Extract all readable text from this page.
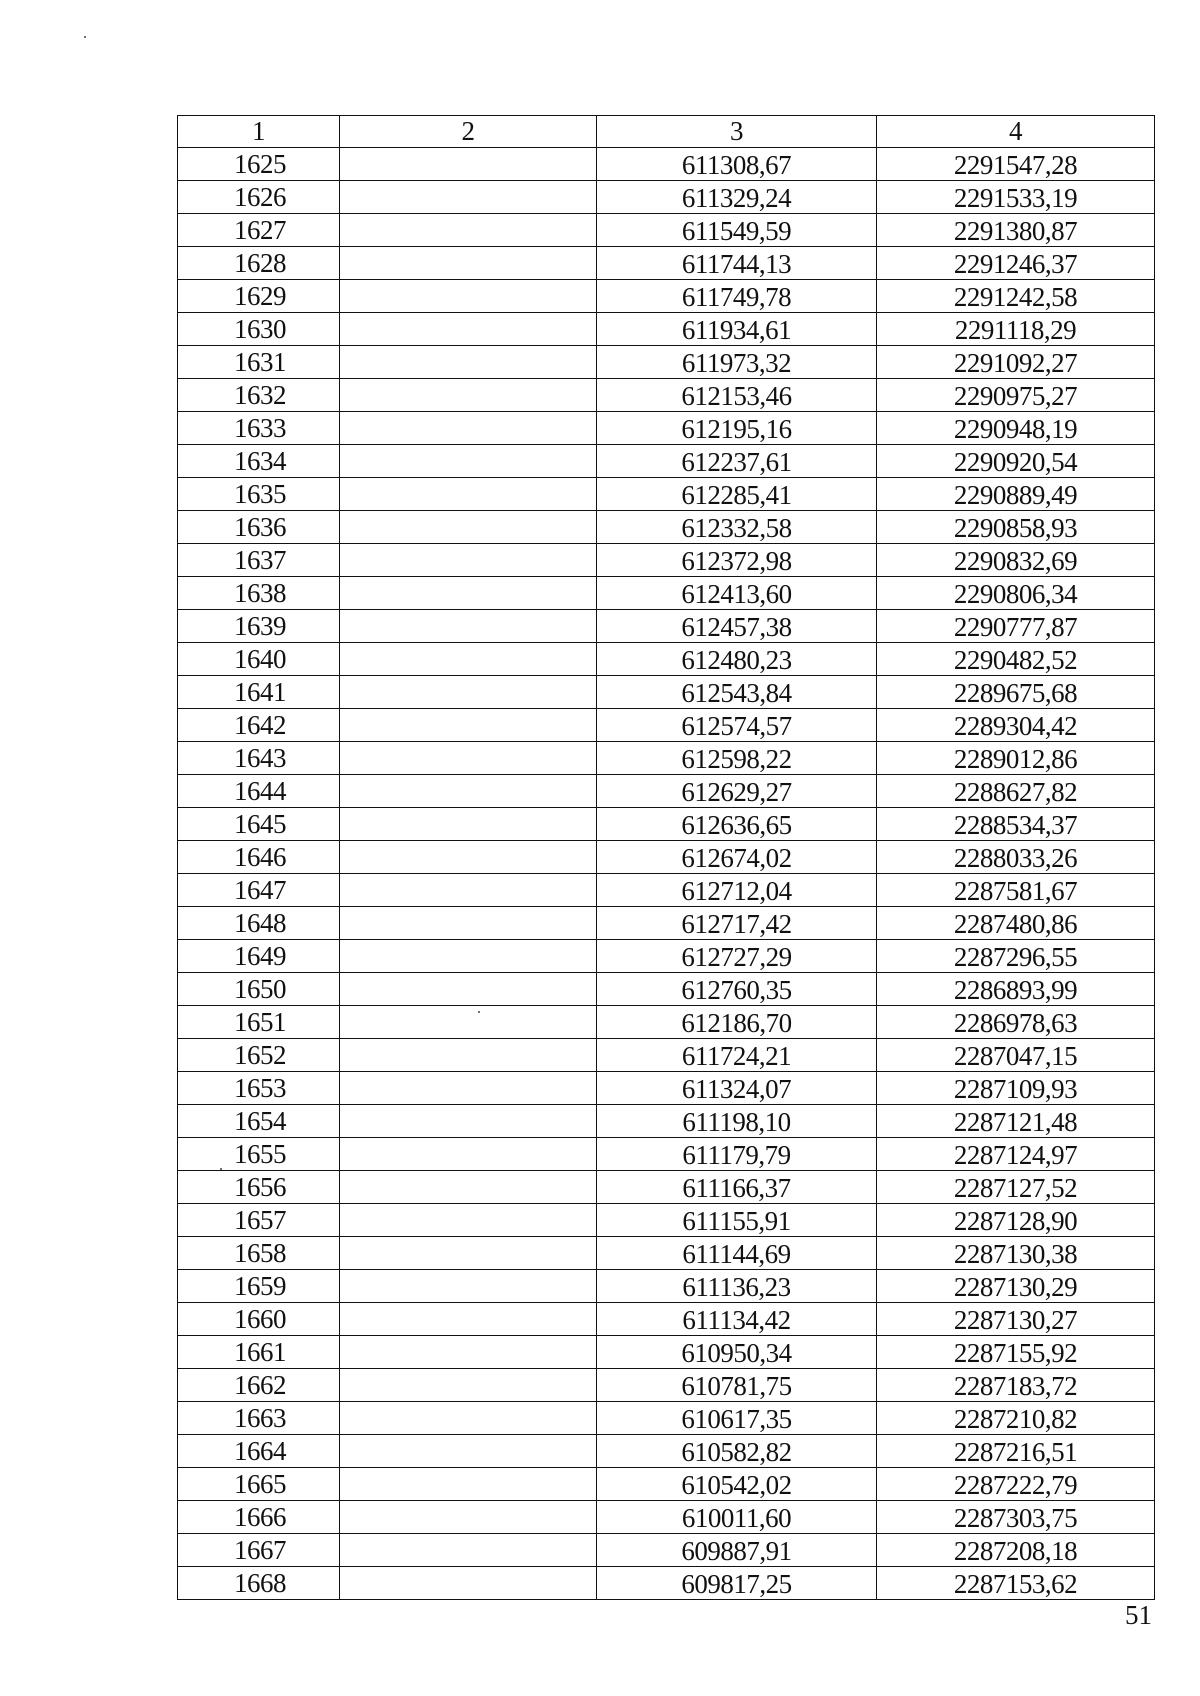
1	2	3	4
1625		611308,67	2291547,28
1626		611329,24	2291533,19
1627		611549,59	2291380,87
1628		611744,13	2291246,37
1629		611749,78	2291242,58
1630		611934,61	2291118,29
1631		611973,32	2291092,27
1632		612153,46	2290975,27
1633		612195,16	2290948,19
1634		612237,61	2290920,54
1635		612285,41	2290889,49
1636		612332,58	2290858,93
1637		612372,98	2290832,69
1638		612413,60	2290806,34
1639		612457,38	2290777,87
1640		612480,23	2290482,52
1641		612543,84	2289675,68
1642		612574,57	2289304,42
1643		612598,22	2289012,86
1644		612629,27	2288627,82
1645		612636,65	2288534,37
1646		612674,02	2288033,26
1647		612712,04	2287581,67
1648		612717,42	2287480,86
1649		612727,29	2287296,55
1650		612760,35	2286893,99
1651		612186,70	2286978,63
1652		611724,21	2287047,15
1653		611324,07	2287109,93
1654		611198,10	2287121,48
1655		611179,79	2287124,97
1656		611166,37	2287127,52
1657		611155,91	2287128,90
1658		611144,69	2287130,38
1659		611136,23	2287130,29
1660		611134,42	2287130,27
1661		610950,34	2287155,92
1662		610781,75	2287183,72
1663		610617,35	2287210,82
1664		610582,82	2287216,51
1665		610542,02	2287222,79
1666		610011,60	2287303,75
1667		609887,91	2287208,18
1668		609817,25	2287153,62
51
